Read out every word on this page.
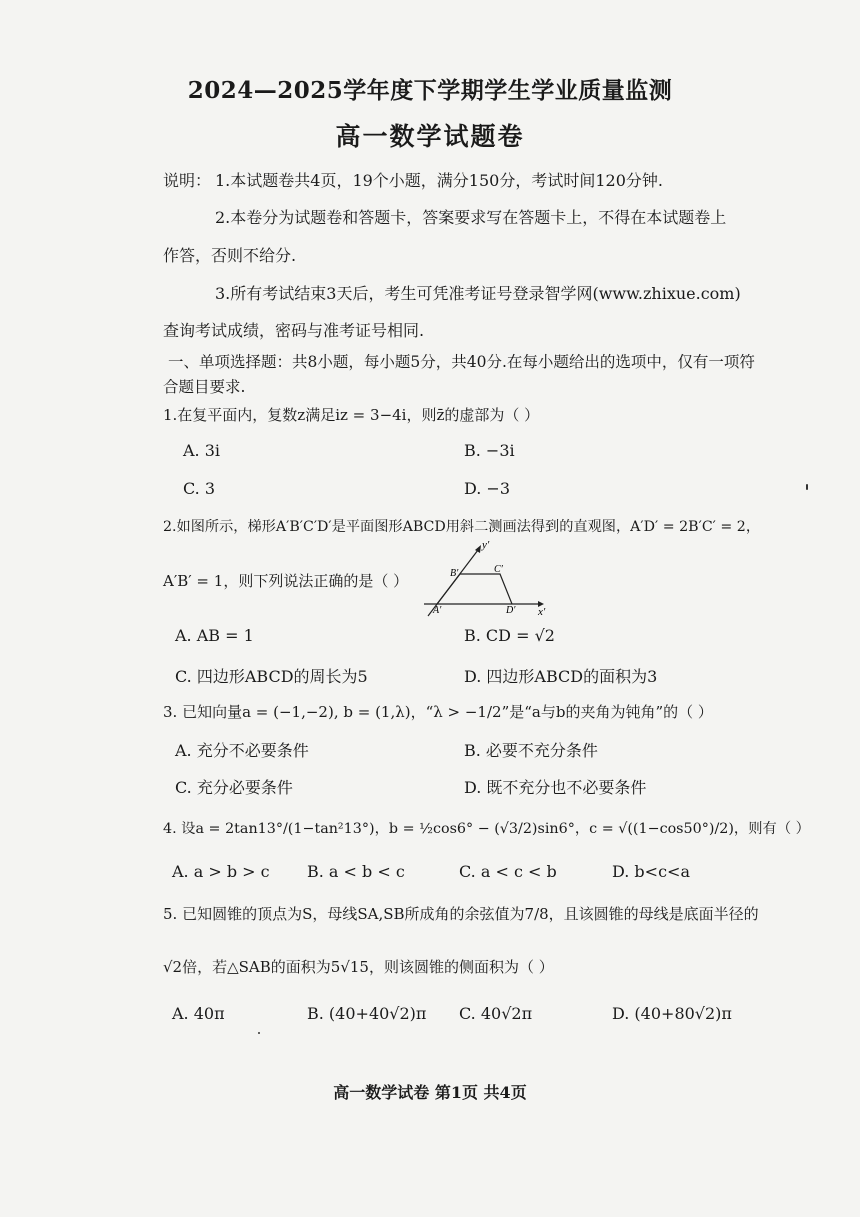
2024—2025学年度下学期学生学业质量监测
高一数学试题卷
说明： 1.本试题卷共4页，19个小题，满分150分，考试时间120分钟.
2.本卷分为试题卷和答题卡，答案要求写在答题卡上，不得在本试题卷上
作答，否则不给分.
3.所有考试结束3天后，考生可凭准考证号登录智学网(www.zhixue.com)
查询考试成绩，密码与准考证号相同.
一、单项选择题：共8小题，每小题5分，共40分.在每小题给出的选项中，仅有一项符
合题目要求.
1.在复平面内，复数z满足iz = 3−4i，则z̄的虚部为（ ）
A. 3i	B. −3i
C. 3	D. −3
2.如图所示，梯形A′B′C′D′是平面图形ABCD用斜二测画法得到的直观图，A′D′ = 2B′C′ = 2，
A′B′ = 1，则下列说法正确的是（ ）
y′
x′
A′
B′	C′
D′
A. AB = 1	B. CD = √2
C. 四边形ABCD的周长为5	D. 四边形ABCD的面积为3
3. 已知向量a = (−1,−2), b = (1,λ)，“λ > −1/2”是“a与b的夹角为钝角”的（ ）
A. 充分不必要条件	B. 必要不充分条件
C. 充分必要条件	D. 既不充分也不必要条件
4. 设a = 2tan13°/(1−tan²13°)，b = ½cos6° − (√3/2)sin6°，c = √((1−cos50°)/2)，则有（ ）
A. a > b > c B. a < b < c	C. a < c < b	D. b<c<a
5. 已知圆锥的顶点为S，母线SA,SB所成角的余弦值为7/8，且该圆锥的母线是底面半径的
√2倍，若△SAB的面积为5√15，则该圆锥的侧面积为（ ）
A. 40π	B. (40+40√2)π C. 40√2π	D. (40+80√2)π
高一数学试卷 第1页 共4页
